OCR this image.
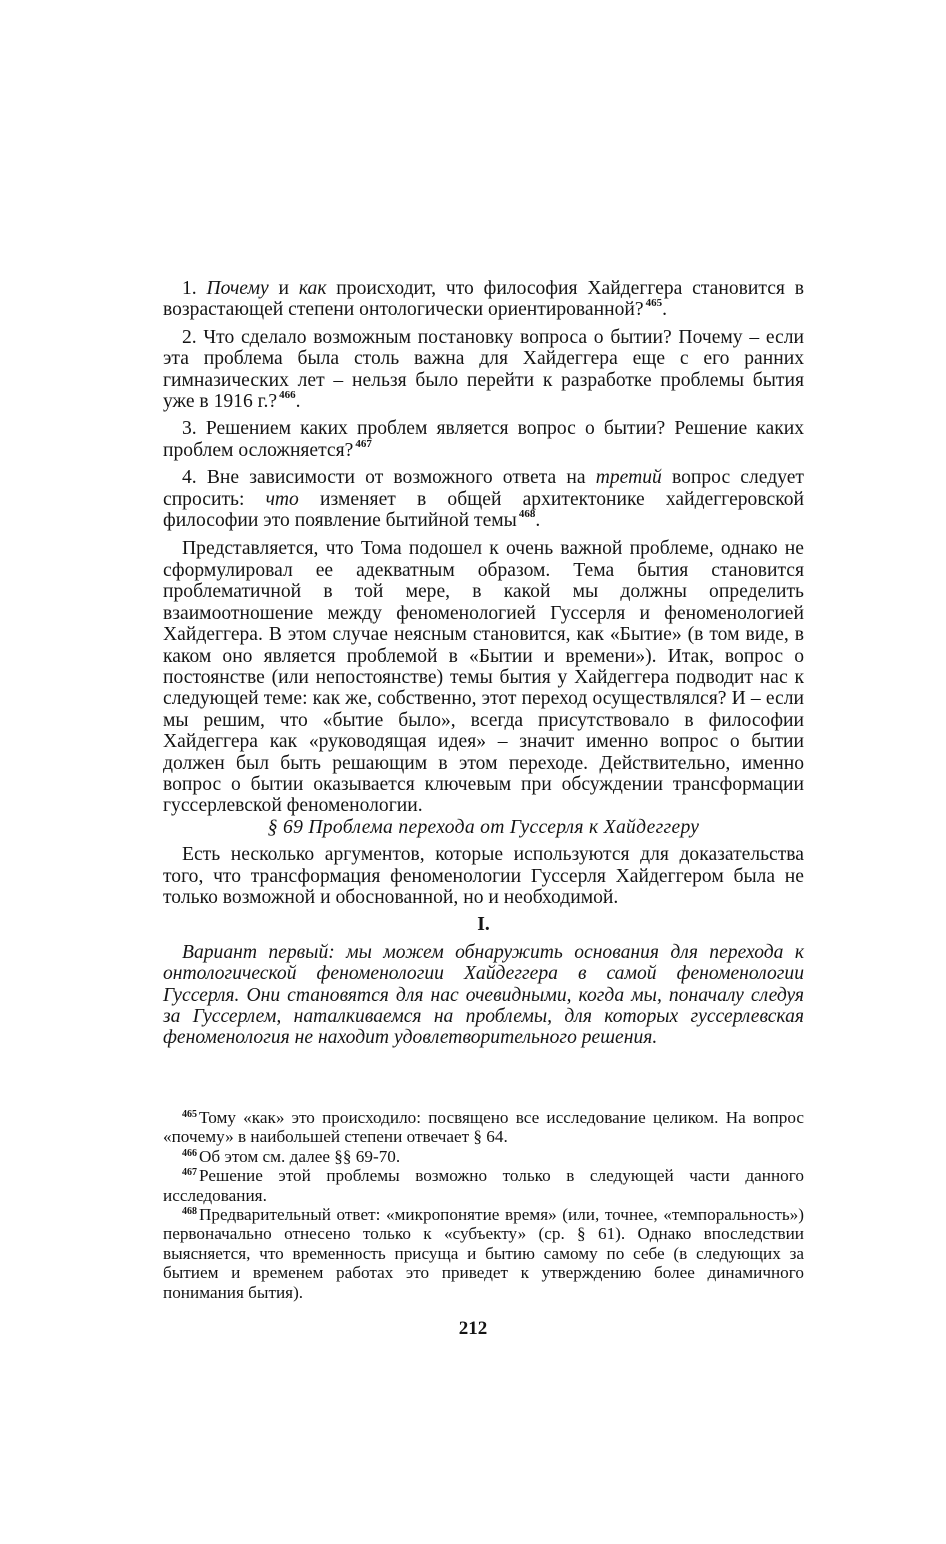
1. Почему и как происходит, что философия Хайдеггера становится в возрастающей степени онтологически ориентированной? $^{465}$.

2. Что сделало возможным постановку вопроса о бытии? Почему – если эта проблема была столь важна для Хайдеггера еще с его ранних гимназических лет – нельзя было перейти к разработке проблемы бытия уже в 1916 г.? $^{466}$.

3. Решением каких проблем является вопрос о бытии? Решение каких проблем осложняется? $^{467}$

4. Вне зависимости от возможного ответа на третий вопрос следует спросить: что изменяет в общей архитектонике хайдеггеровской философии это появление бытийной темы $^{468}$.

Представляется, что Тома подошел к очень важной проблеме, однако не сформулировал ее адекватным образом. Тема бытия становится проблематичной в той мере, в какой мы должны определить взаимоотношение между феноменологией Гуссерля и феноменологией Хайдеггера. В этом случае неясным становится, как «Бытие» (в том виде, в каком оно является проблемой в «Бытии и времени»). Итак, вопрос о постоянстве (или непостоянстве) темы бытия у Хайдеггера подводит нас к следующей теме: как же, собственно, этот переход осуществлялся? И – если мы решим, что «бытие было», всегда присутствовало в философии Хайдеггера как «руководящая идея» – значит именно вопрос о бытии должен был быть решающим в этом переходе. Действительно, именно вопрос о бытии оказывается ключевым при обсуждении трансформации гуссерлевской феноменологии.

§ 69 Проблема перехода от Гуссерля к Хайдеггеру

Есть несколько аргументов, которые используются для доказательства того, что трансформация феноменологии Гуссерля Хайдеггером была не только возможной и обоснованной, но и необходимой.

I.

Вариант первый: мы можем обнаружить основания для перехода к онтологической феноменологии Хайдеггера в самой феноменологии Гуссерля. Они становятся для нас очевидными, когда мы, поначалу следуя за Гуссерлем, наталкиваемся на проблемы, для которых гуссерлевская феноменология не находит удовлетворительного решения.

$^{465}$ Тому «как» это происходило: посвящено все исследование целиком. На вопрос «почему» в наибольшей степени отвечает § 64.

$^{466}$ Об этом см. далее §§ 69-70.

$^{467}$ Решение этой проблемы возможно только в следующей части данного исследования.

$^{468}$ Предварительный ответ: «микропонятие время» (или, точнее, «темпоральность») первоначально отнесено только к «субъекту» (ср. § 61). Однако впоследствии выясняется, что временность присуща и бытию самому по себе (в следующих за бытием и временем работах это приведет к утверждению более динамичного понимания бытия).

212
